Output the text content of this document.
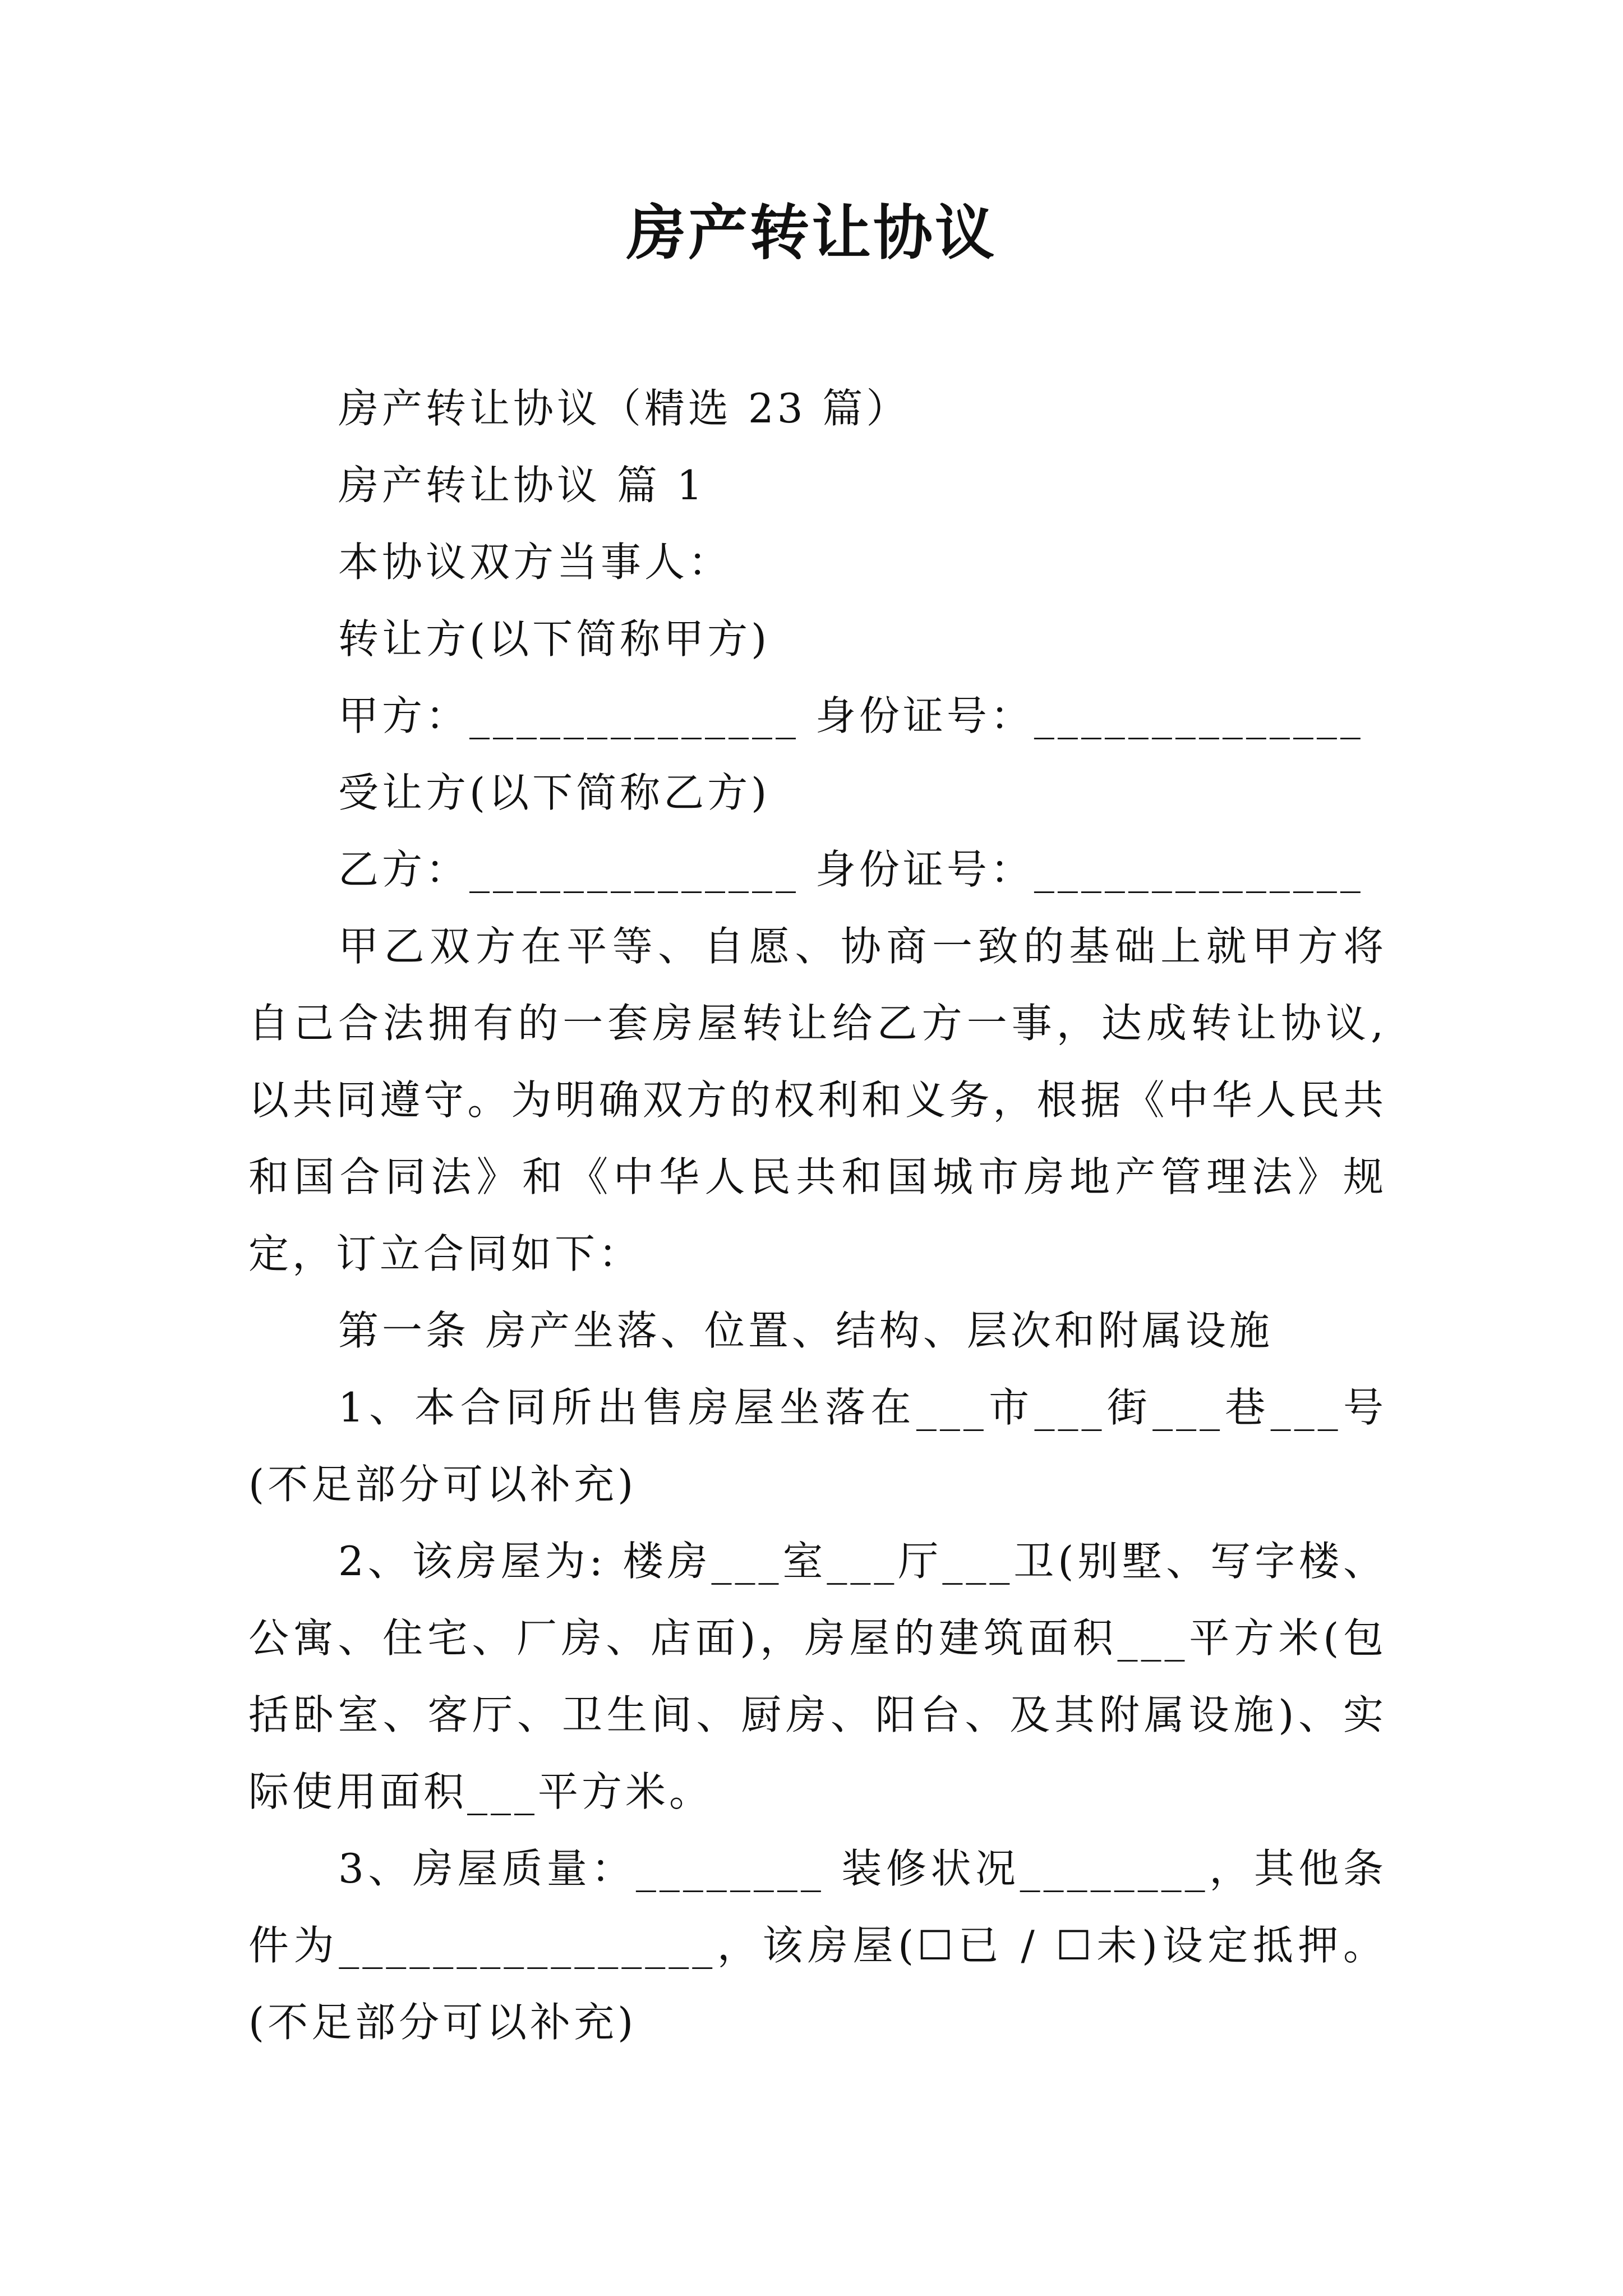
房产转让协议

房产转让协议（精选 23 篇）

房产转让协议 篇 1

本协议双方当事人：

转让方(以下简称甲方)

甲方：______________ 身份证号：______________

受让方(以下简称乙方)

乙方：______________ 身份证号：______________

甲乙双方在平等、自愿、协商一致的基础上就甲方将自己合法拥有的一套房屋转让给乙方一事，达成转让协议,以共同遵守。为明确双方的权利和义务，根据《中华人民共和国合同法》和《中华人民共和国城市房地产管理法》规定，订立合同如下：

第一条 房产坐落、位置、结构、层次和附属设施

1、本合同所出售房屋坐落在___市___街___巷___号(不足部分可以补充)

2、该房屋为: 楼房___室___厅___卫(别墅、写字楼、公寓、住宅、厂房、店面)，房屋的建筑面积___平方米(包括卧室、客厅、卫生间、厨房、阳台、及其附属设施)、实际使用面积___平方米。

3、房屋质量：________ 装修状况________，其他条件为________________，该房屋(☐已 / ☐未)设定抵押。(不足部分可以补充)
